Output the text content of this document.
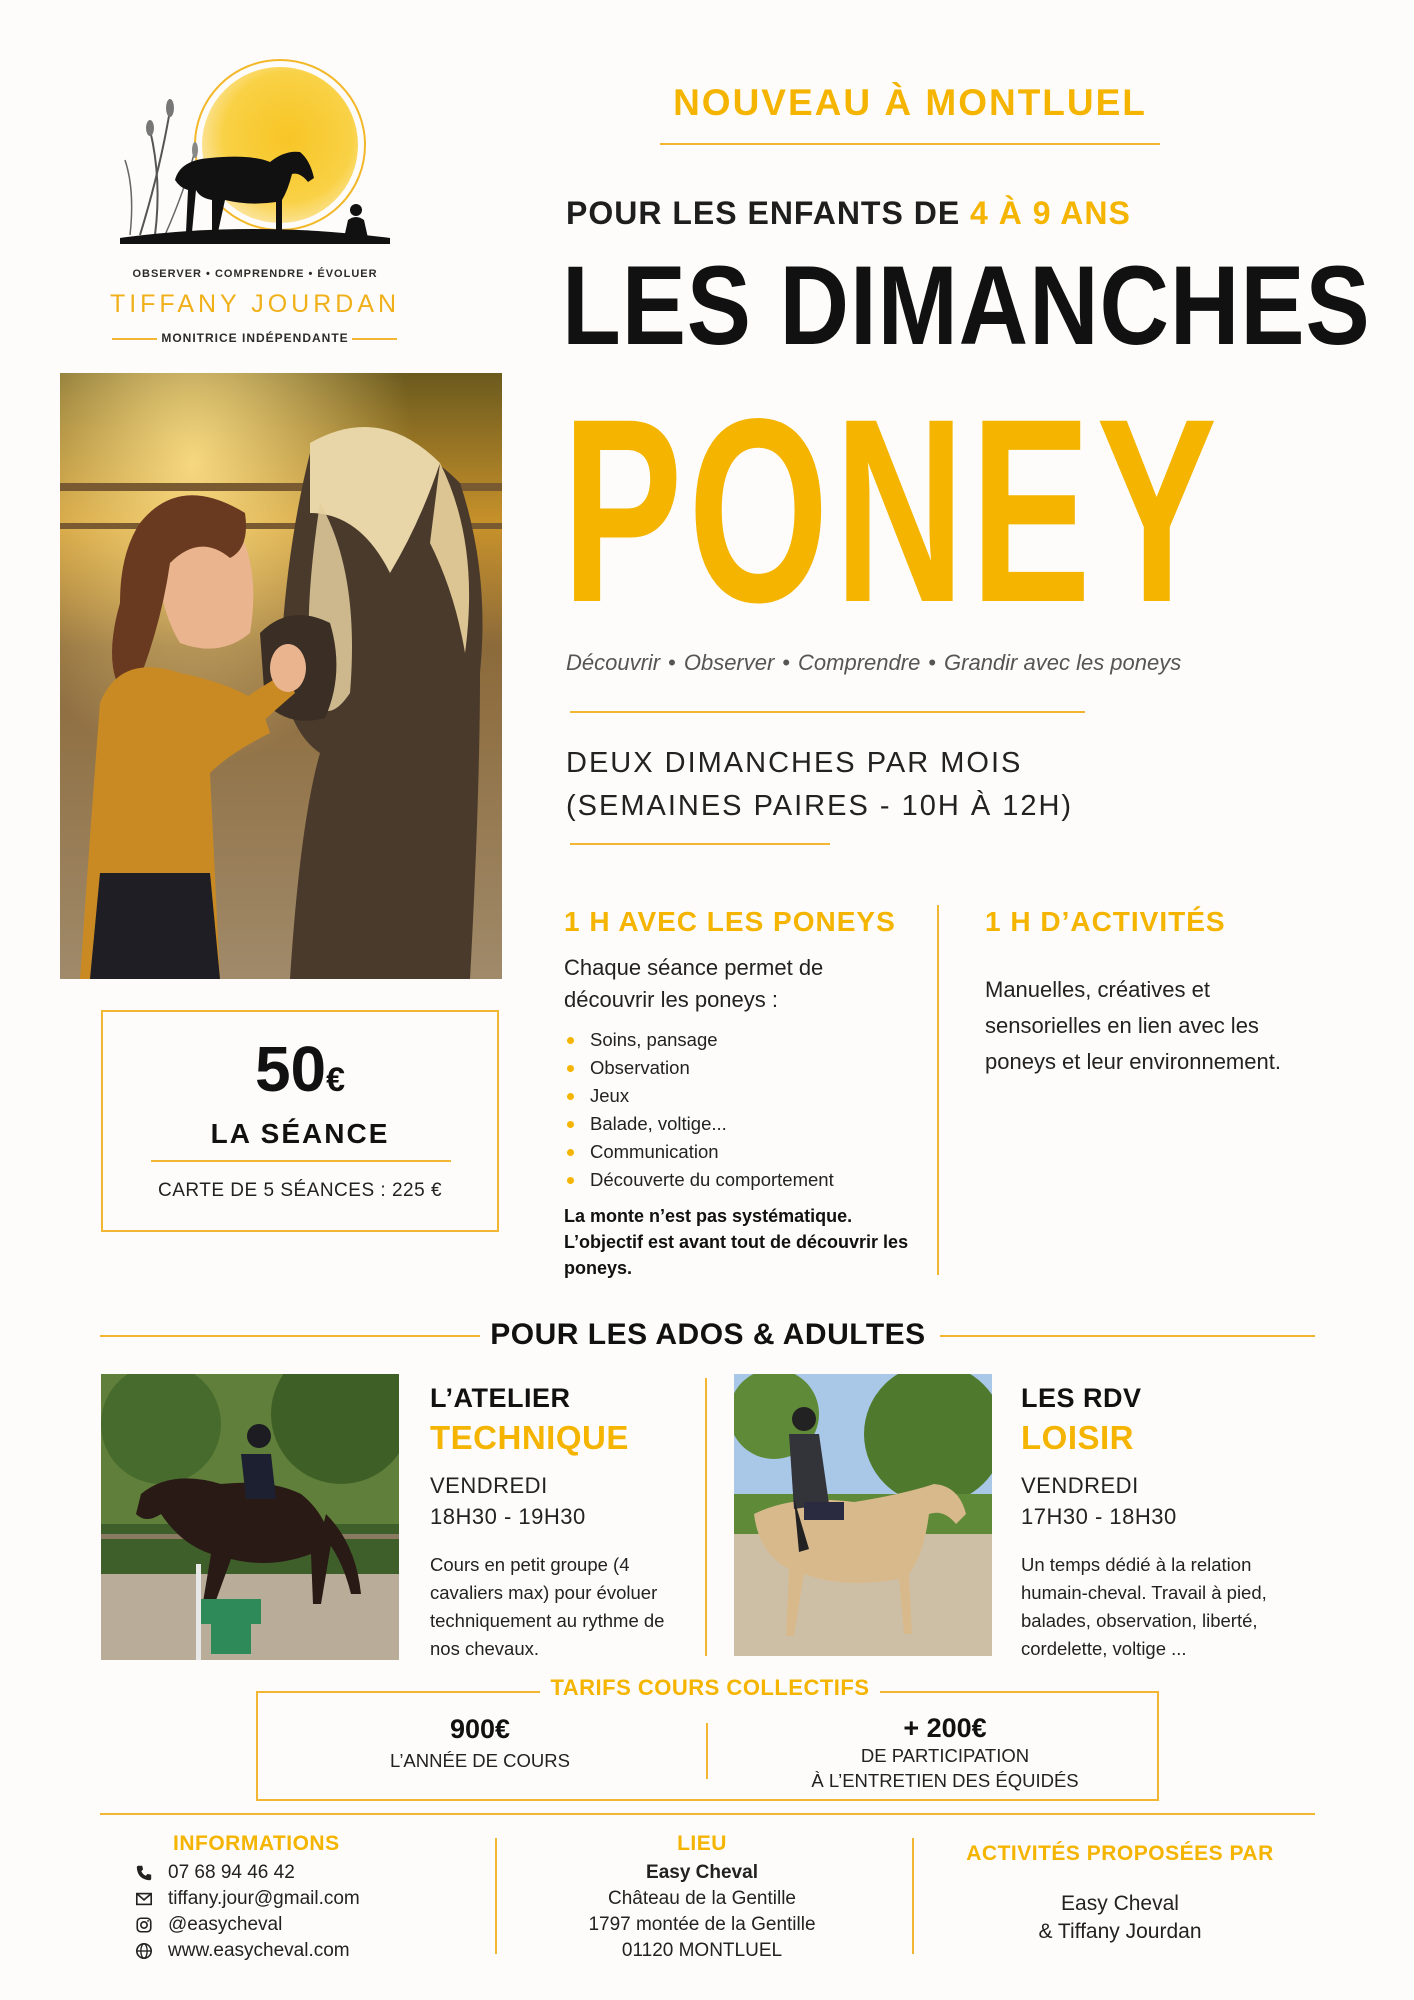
OBSERVER • COMPRENDRE • ÉVOLUER
TIFFANY JOURDAN
MONITRICE INDÉPENDANTE
50€
LA SÉANCE
CARTE DE 5 SÉANCES : 225 €
NOUVEAU À MONTLUEL
POUR LES ENFANTS DE 4 À 9 ANS
LES DIMANCHES
PONEY
Découvrir • Observer • Comprendre • Grandir avec les poneys
DEUX DIMANCHES PAR MOIS
(SEMAINES PAIRES - 10H À 12H)
1 H AVEC LES PONEYS
Chaque séance permet de découvrir les poneys :
Soins, pansage
Observation
Jeux
Balade, voltige...
Communication
Découverte du comportement
La monte n’est pas systématique. L’objectif est avant tout de découvrir les poneys.
1 H D’ACTIVITÉS
Manuelles, créatives et sensorielles en lien avec les poneys et leur environnement.
POUR LES ADOS & ADULTES
L’ATELIER
TECHNIQUE
VENDREDI
18H30 - 19H30
Cours en petit groupe (4 cavaliers max) pour évoluer techniquement au rythme de nos chevaux.
LES RDV
LOISIR
VENDREDI
17H30 - 18H30
Un temps dédié à la relation humain-cheval. Travail à pied, balades, observation, liberté, cordelette, voltige ...
TARIFS COURS COLLECTIFS
900€
L’ANNÉE DE COURS
+ 200€
DE PARTICIPATION
À L’ENTRETIEN DES ÉQUIDÉS
INFORMATIONS
07 68 94 46 42
tiffany.jour@gmail.com
@easycheval
www.easycheval.com
LIEU
Easy Cheval
Château de la Gentille
1797 montée de la Gentille
01120 MONTLUEL
ACTIVITÉS PROPOSÉES PAR
Easy Cheval
& Tiffany Jourdan
